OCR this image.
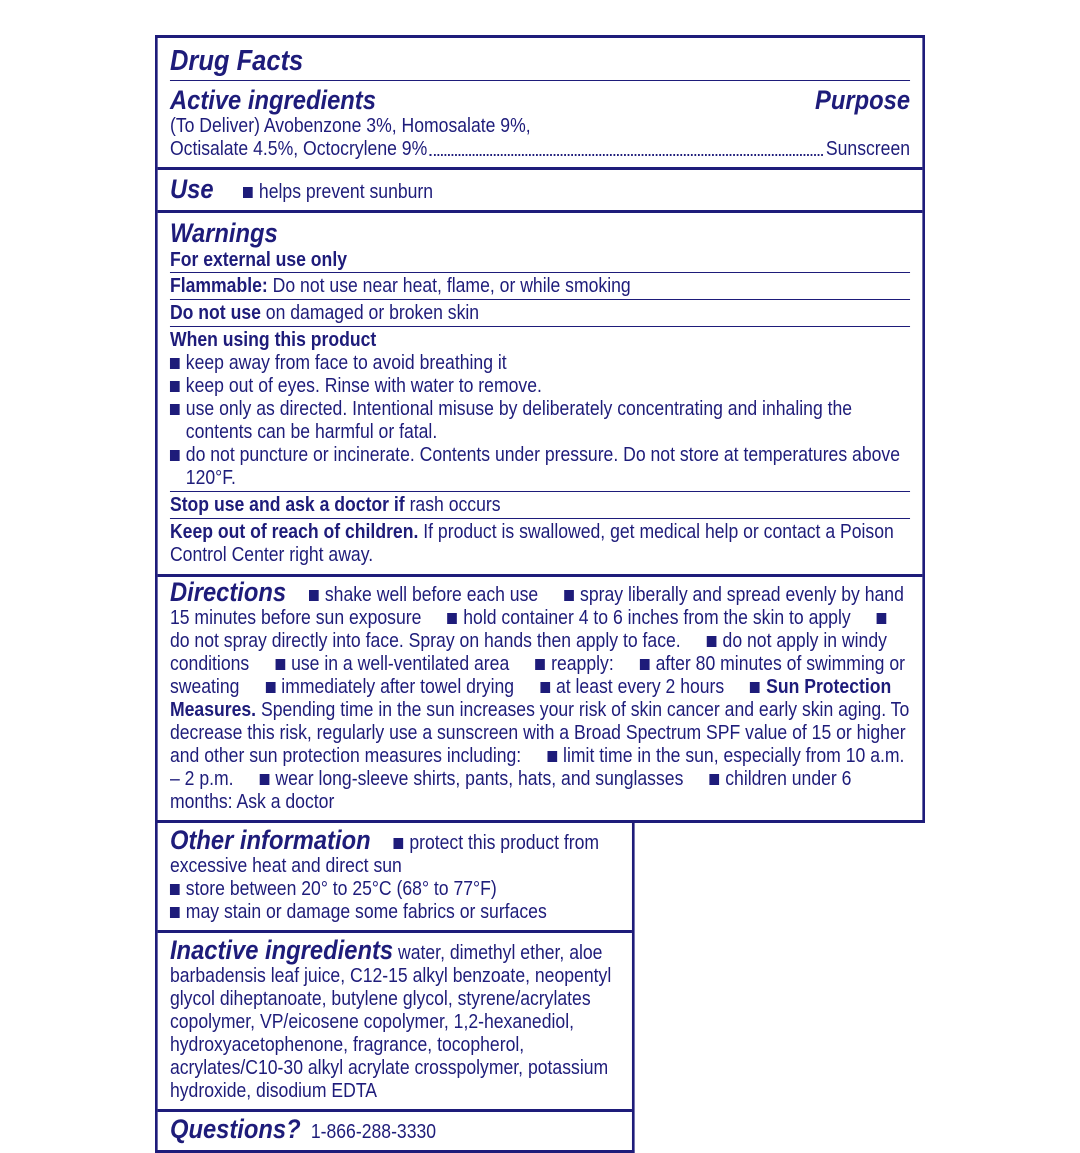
Drug Facts
Active ingredients	Purpose
(To Deliver) Avobenzone 3%, Homosalate 9%,
Octisalate 4.5%, Octocrylene 9%	Sunscreen
Use helps prevent sunburn
Warnings
For external use only
Flammable: Do not use near heat, flame, or while smoking
Do not use on damaged or broken skin
When using this product
keep away from face to avoid breathing it
keep out of eyes. Rinse with water to remove.
use only as directed. Intentional misuse by deliberately concentrating and inhaling the contents can be harmful or fatal.
do not puncture or incinerate. Contents under pressure. Do not store at temperatures above 120°F.
Stop use and ask a doctor if rash occurs
Keep out of reach of children. If product is swallowed, get medical help or contact a Poison Control Center right away.
Directions shake well before each use spray liberally and spread evenly by hand 15 minutes before sun exposure hold container 4 to 6 inches from the skin to apply do not spray directly into face. Spray on hands then apply to face. do not apply in windy conditions use in a well-ventilated area reapply: after 80 minutes of swimming or sweating immediately after towel drying at least every 2 hours Sun Protection Measures. Spending time in the sun increases your risk of skin cancer and early skin aging. To decrease this risk, regularly use a sunscreen with a Broad Spectrum SPF value of 15 or higher and other sun protection measures including: limit time in the sun, especially from 10 a.m. – 2 p.m. wear long-sleeve shirts, pants, hats, and sunglasses children under 6 months: Ask a doctor
Other information protect this product from excessive heat and direct sun
store between 20° to 25°C (68° to 77°F)
may stain or damage some fabrics or surfaces
Inactive ingredients water, dimethyl ether, aloe barbadensis leaf juice, C12-15 alkyl benzoate, neopentyl glycol diheptanoate, butylene glycol, styrene/acrylates copolymer, VP/eicosene copolymer, 1,2-hexanediol, hydroxyacetophenone, fragrance, tocopherol, acrylates/C10-30 alkyl acrylate crosspolymer, potassium hydroxide, disodium EDTA
Questions? 1-866-288-3330
